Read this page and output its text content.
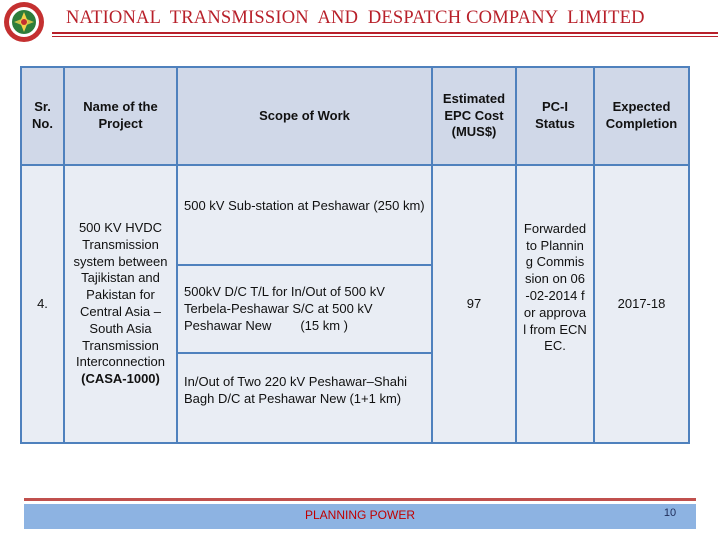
NATIONAL  TRANSMISSION  AND  DESPATCH COMPANY  LIMITED
Sr. No.
Name of the Project
Scope of Work
Estimated EPC Cost (MUS$)
PC-I Status
Expected Completion
4.
500 KV HVDC Transmission system between Tajikistan and Pakistan for Central Asia – South Asia Transmission Interconnection (CASA-1000)
500 kV Sub-station at Peshawar (250 km)
500kV D/C T/L for In/Out of 500 kV Terbela-Peshawar S/C at 500 kV Peshawar New        (15 km )
In/Out of Two 220 kV Peshawar–Shahi Bagh D/C at Peshawar New (1+1 km)
97
Forwarded to Planning Commission on 06-02-2014 for approval from ECNEC.
2017-18
PLANNING POWER	10
